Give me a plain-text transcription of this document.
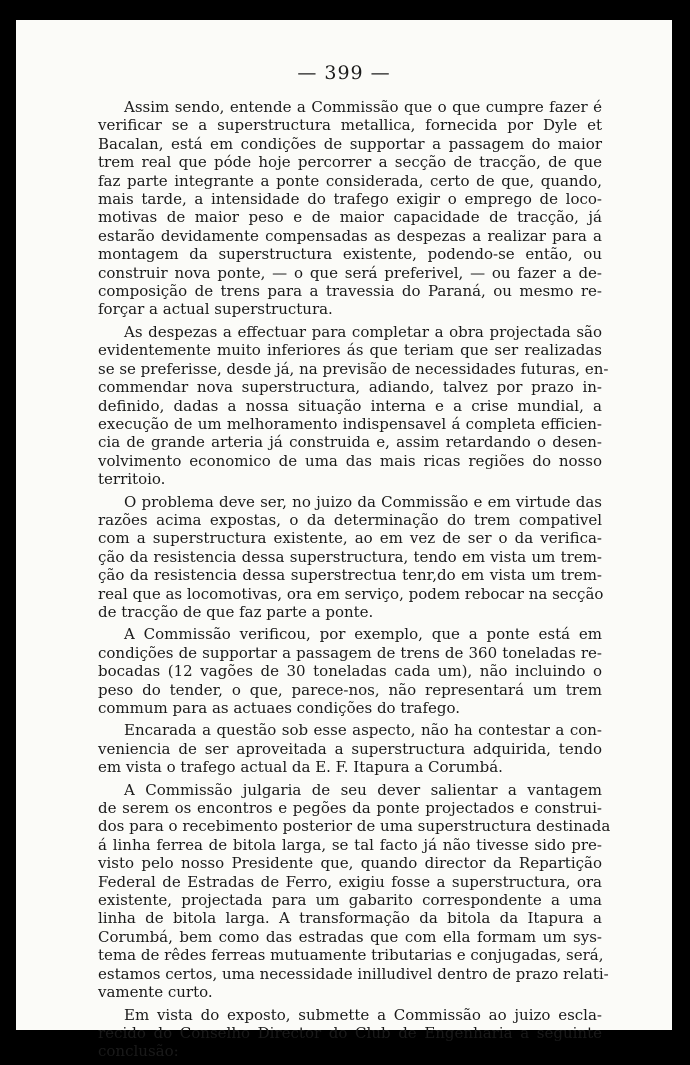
— 399 —
Assim sendo, entende a Commissão que o que cumpre fazer é
verificar se a superstructura metallica, fornecida por Dyle et
Bacalan, está em condições de supportar a passagem do maior
trem real que póde hoje percorrer a secção de tracção, de que
faz parte integrante a ponte considerada, certo de que, quando,
mais tarde, a intensidade do trafego exigir o emprego de loco-
motivas de maior peso e de maior capacidade de tracção, já
estarão devidamente compensadas as despezas a realizar para a
montagem da superstructura existente, podendo-se então, ou
construir nova ponte, — o que será preferivel, — ou fazer a de-
composição de trens para a travessia do Paraná, ou mesmo re-
forçar a actual superstructura.
As despezas a effectuar para completar a obra projectada são
evidentemente muito inferiores ás que teriam que ser realizadas
se se preferisse, desde já, na previsão de necessidades futuras, en-
commendar nova superstructura, adiando, talvez por prazo in-
definido, dadas a nossa situação interna e a crise mundial, a
execução de um melhoramento indispensavel á completa efficien-
cia de grande arteria já construida e, assim retardando o desen-
volvimento economico de uma das mais ricas regiões do nosso
territoio.
O problema deve ser, no juizo da Commissão e em virtude das
razões acima expostas, o da determinação do trem compativel
com a superstructura existente, ao em vez de ser o da verifica-
ção da resistencia dessa superstructura, tendo em vista um trem-
ção da resistencia dessa superstrectua tenr,do em vista um trem-
real que as locomotivas, ora em serviço, podem rebocar na secção
de tracção de que faz parte a ponte.
A Commissão verificou, por exemplo, que a ponte está em
condições de supportar a passagem de trens de 360 toneladas re-
bocadas (12 vagões de 30 toneladas cada um), não incluindo o
peso do tender, o que, parece-nos, não representará um trem
commum para as actuaes condições do trafego.
Encarada a questão sob esse aspecto, não ha contestar a con-
veniencia de ser aproveitada a superstructura adquirida, tendo
em vista o trafego actual da E. F. Itapura a Corumbá.
A Commissão julgaria de seu dever salientar a vantagem
de serem os encontros e pegões da ponte projectados e construi-
dos para o recebimento posterior de uma superstructura destinada
á linha ferrea de bitola larga, se tal facto já não tivesse sido pre-
visto pelo nosso Presidente que, quando director da Repartição
Federal de Estradas de Ferro, exigiu fosse a superstructura, ora
existente, projectada para um gabarito correspondente a uma
linha de bitola larga. A transformação da bitola da Itapura a
Corumbá, bem como das estradas que com ella formam um sys-
tema de rêdes ferreas mutuamente tributarias e conjugadas, será,
estamos certos, uma necessidade inilludivel dentro de prazo relati-
vamente curto.
Em vista do exposto, submette a Commissão ao juizo escla-
recido do Conselho Director do Club de Engenharia a seguinte
conclusão:
